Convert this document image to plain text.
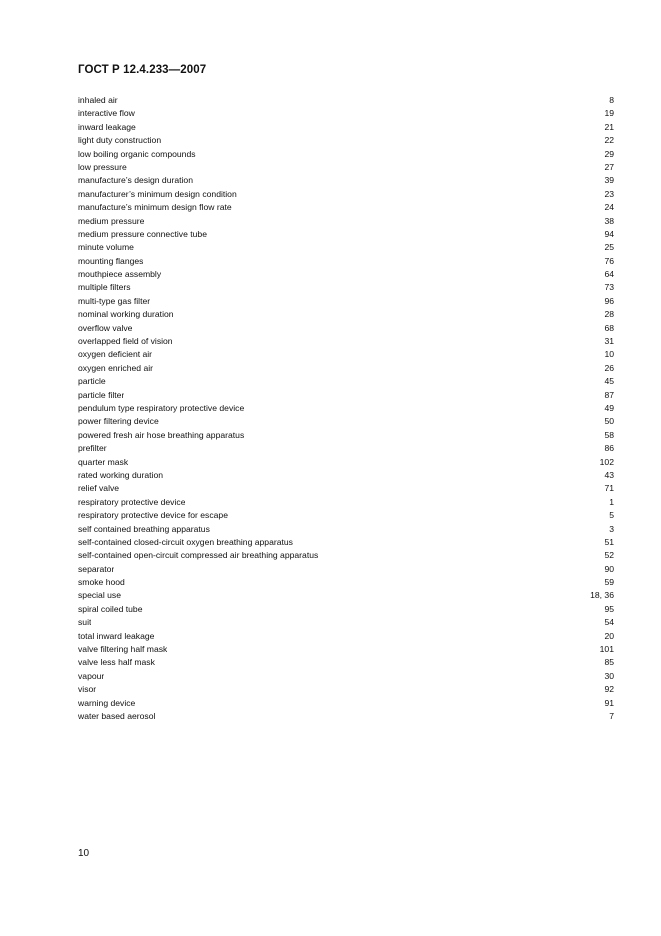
ГОСТ Р 12.4.233—2007
inhaled air	8
interactive flow	19
inward leakage	21
light duty construction	22
low boiling organic compounds	29
low pressure	27
manufacture’s design duration	39
manufacturer’s minimum design condition	23
manufacture’s minimum design flow rate	24
medium pressure	38
medium pressure connective tube	94
minute volume	25
mounting flanges	76
mouthpiece assembly	64
multiple filters	73
multi-type gas filter	96
nominal working duration	28
overflow valve	68
overlapped field of vision	31
oxygen deficient air	10
oxygen enriched air	26
particle	45
particle filter	87
pendulum type respiratory protective device	49
power filtering device	50
powered fresh air hose breathing apparatus	58
prefilter	86
quarter mask	102
rated working duration	43
relief valve	71
respiratory protective device	1
respiratory protective device for escape	5
self contained breathing apparatus	3
self-contained closed-circuit oxygen breathing apparatus	51
self-contained open-circuit compressed air breathing apparatus	52
separator	90
smoke hood	59
special use	18, 36
spiral coiled tube	95
suit	54
total inward leakage	20
valve filtering half mask	101
valve less half mask	85
vapour	30
visor	92
warning device	91
water based aerosol	7
10
